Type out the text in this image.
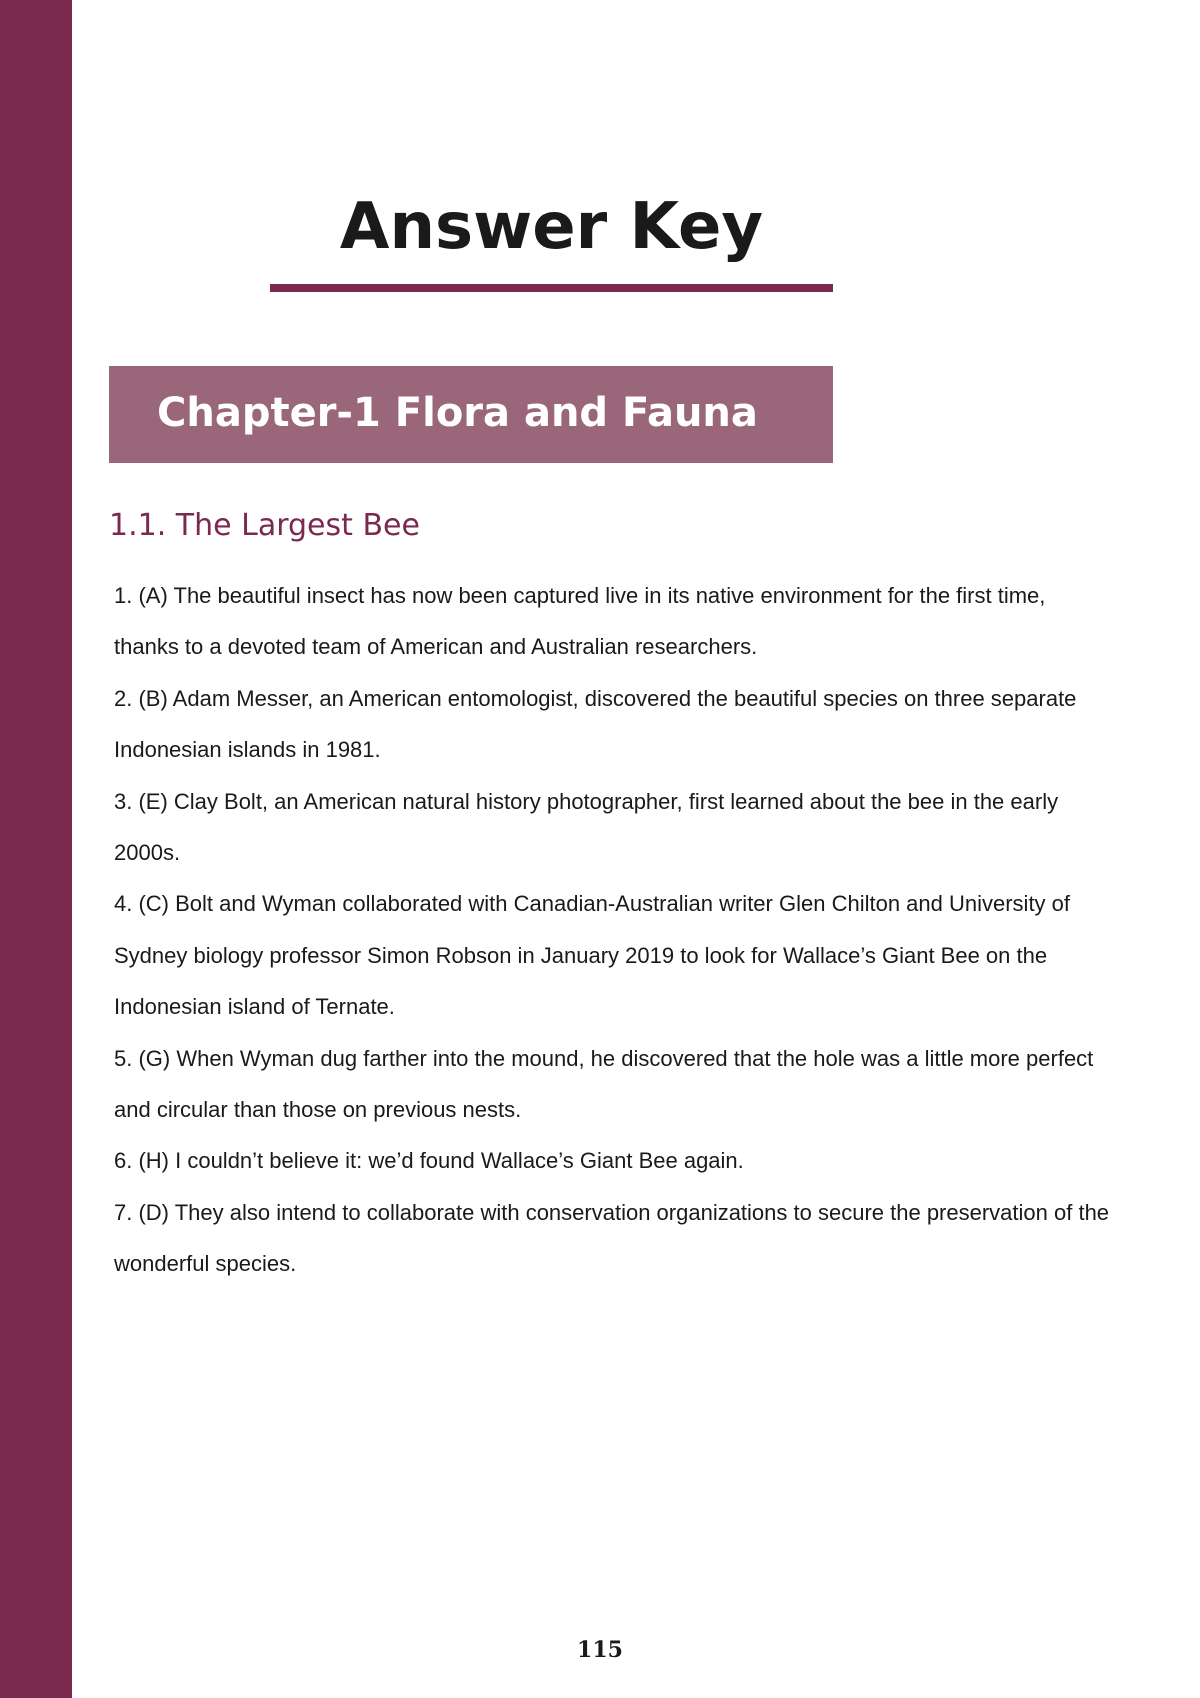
Answer Key
Chapter-1 Flora and Fauna
1.1. The Largest Bee
1. (A) The beautiful insect has now been captured live in its native environment for the first time, thanks to a devoted team of American and Australian researchers.
2. (B) Adam Messer, an American entomologist, discovered the beautiful species on three separate Indonesian islands in 1981.
3. (E) Clay Bolt, an American natural history photographer, first learned about the bee in the early 2000s.
4. (C) Bolt and Wyman collaborated with Canadian-Australian writer Glen Chilton and University of Sydney biology professor Simon Robson in January 2019 to look for Wallace’s Giant Bee on the Indonesian island of Ternate.
5. (G) When Wyman dug farther into the mound, he discovered that the hole was a little more perfect and circular than those on previous nests.
6. (H) I couldn’t believe it: we’d found Wallace’s Giant Bee again.
7. (D) They also intend to collaborate with conservation organizations to secure the preservation of the wonderful species.
115
